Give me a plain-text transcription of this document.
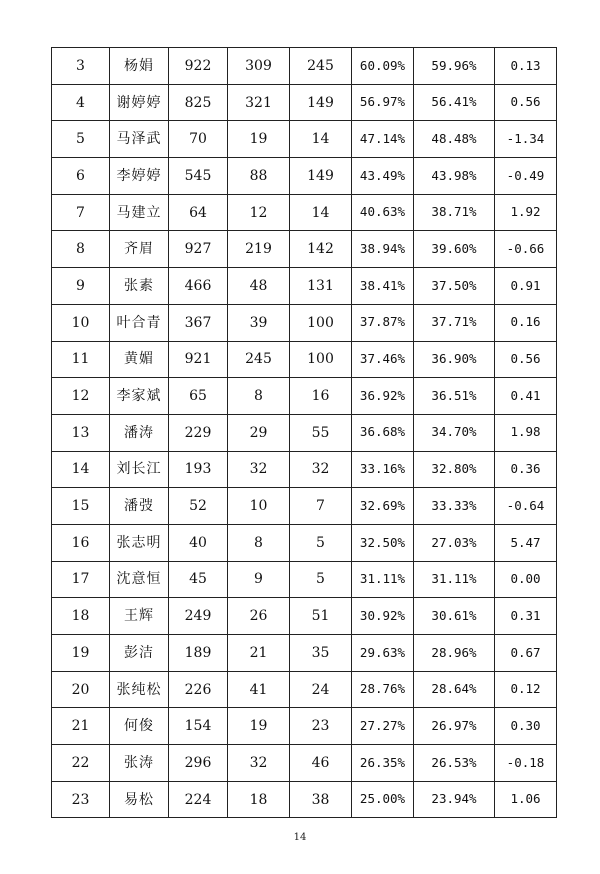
3	杨娟	922	309	245	60.09%	59.96%	0.13
4	谢婷婷	825	321	149	56.97%	56.41%	0.56
5	马泽武	70	19	14	47.14%	48.48%	-1.34
6	李婷婷	545	88	149	43.49%	43.98%	-0.49
7	马建立	64	12	14	40.63%	38.71%	1.92
8	齐眉	927	219	142	38.94%	39.60%	-0.66
9	张素	466	48	131	38.41%	37.50%	0.91
10	叶合青	367	39	100	37.87%	37.71%	0.16
11	黄媚	921	245	100	37.46%	36.90%	0.56
12	李家斌	65	8	16	36.92%	36.51%	0.41
13	潘涛	229	29	55	36.68%	34.70%	1.98
14	刘长江	193	32	32	33.16%	32.80%	0.36
15	潘弢	52	10	7	32.69%	33.33%	-0.64
16	张志明	40	8	5	32.50%	27.03%	5.47
17	沈意恒	45	9	5	31.11%	31.11%	0.00
18	王辉	249	26	51	30.92%	30.61%	0.31
19	彭洁	189	21	35	29.63%	28.96%	0.67
20	张纯松	226	41	24	28.76%	28.64%	0.12
21	何俊	154	19	23	27.27%	26.97%	0.30
22	张涛	296	32	46	26.35%	26.53%	-0.18
23	易松	224	18	38	25.00%	23.94%	1.06
14
